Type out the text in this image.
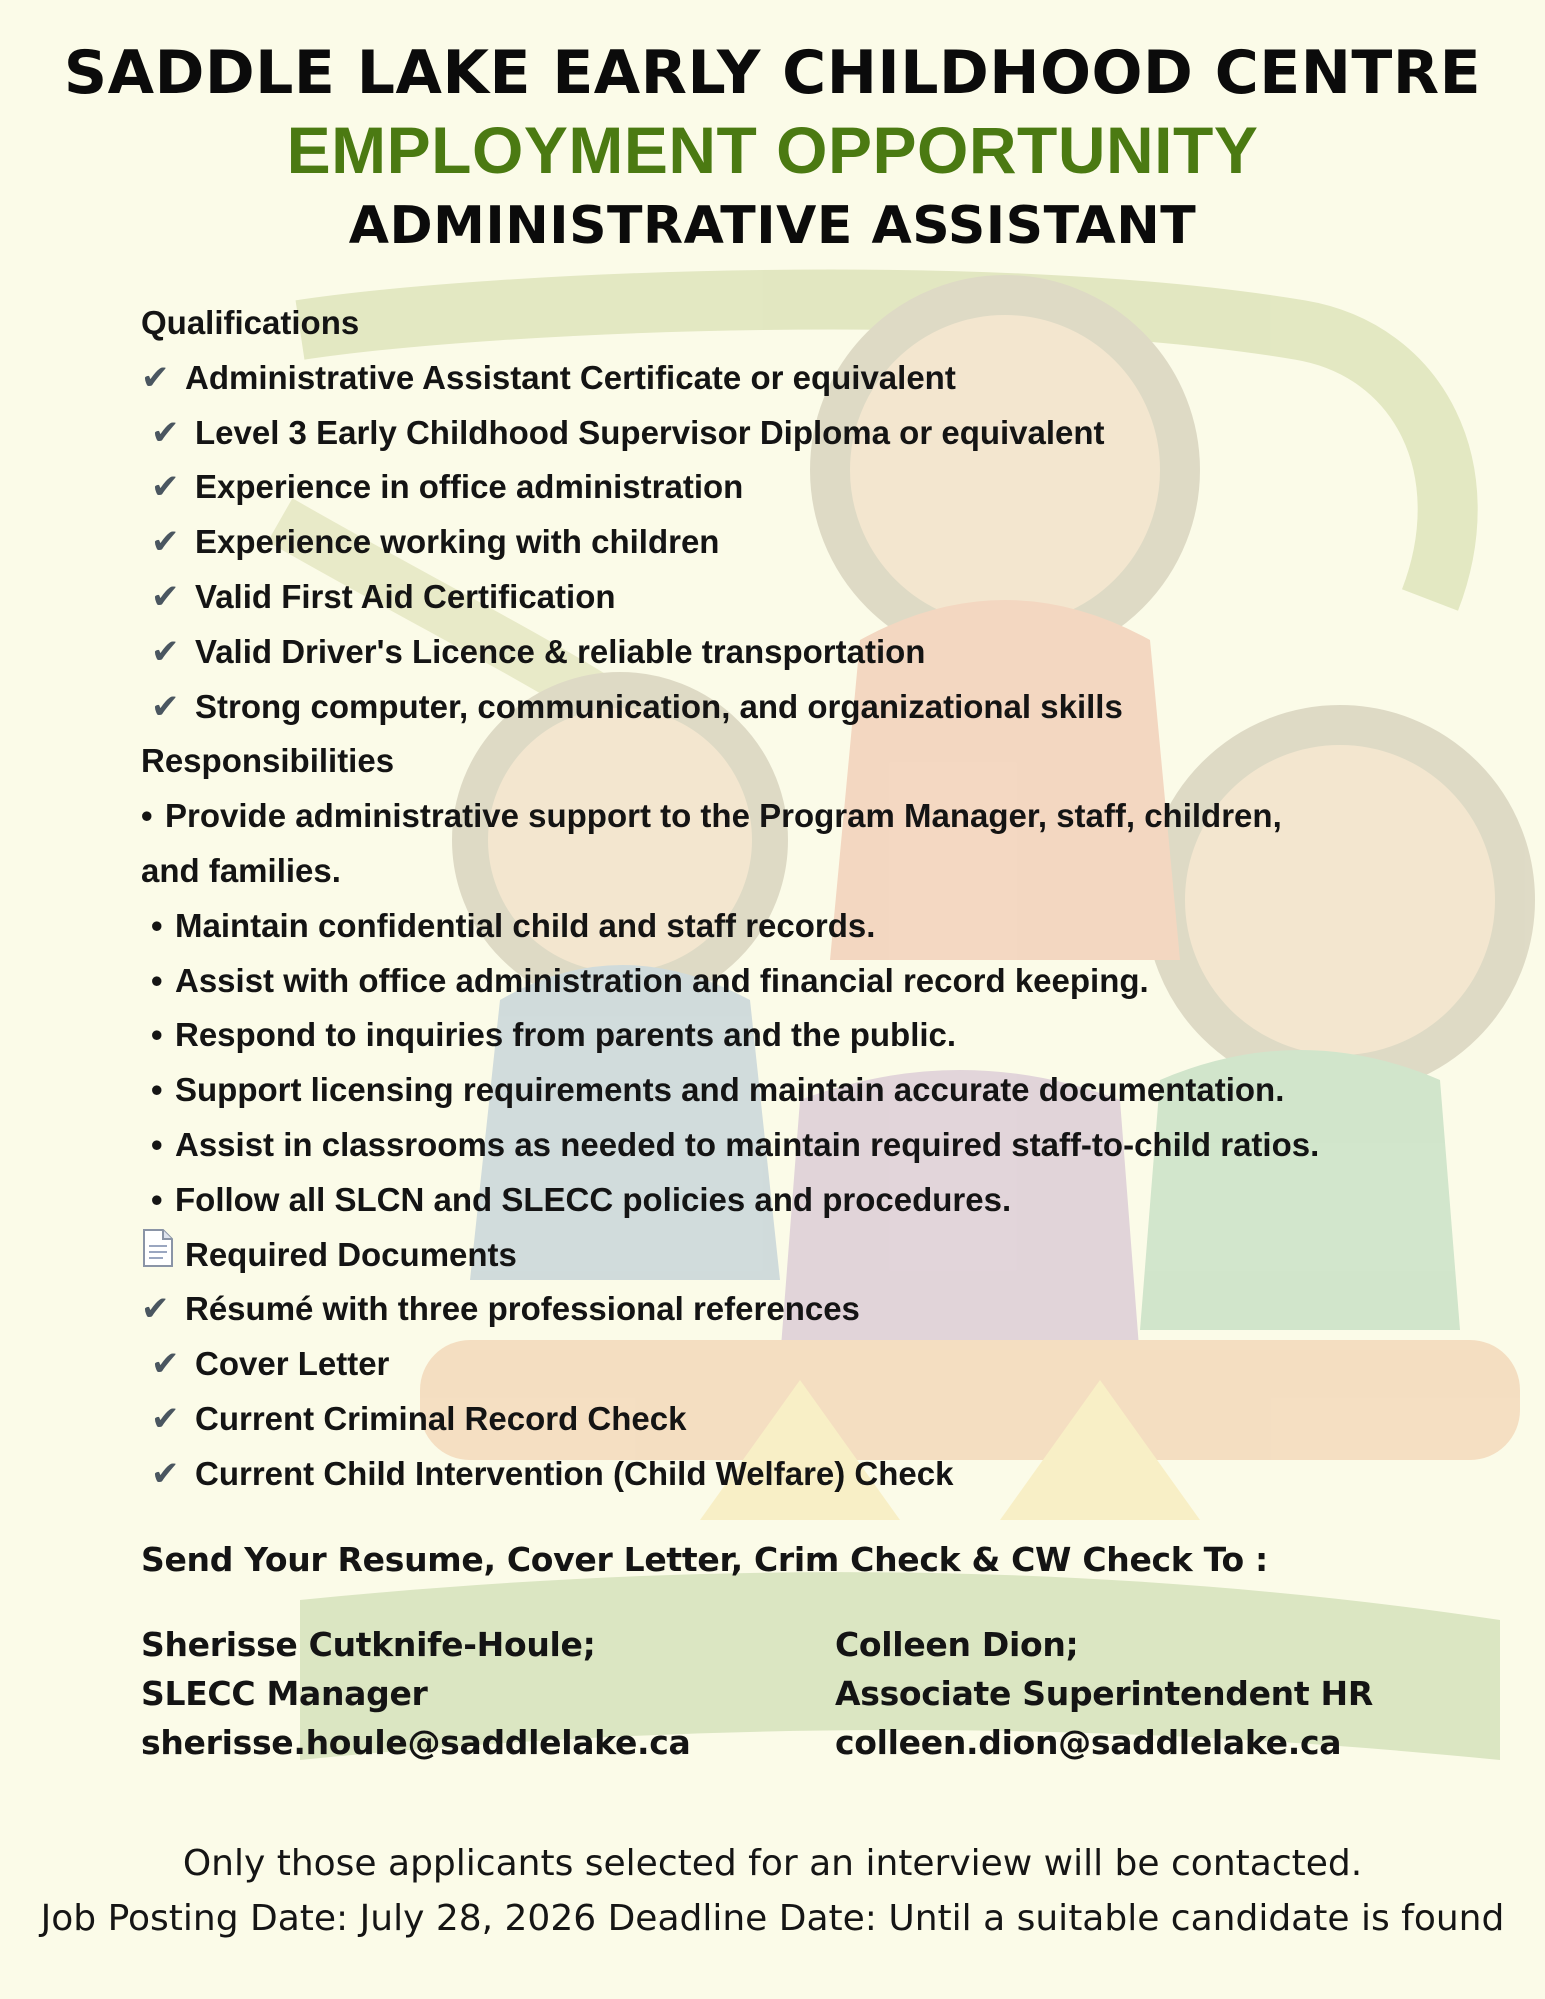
SADDLE LAKE EARLY CHILDHOOD CENTRE
EMPLOYMENT OPPORTUNITY
ADMINISTRATIVE ASSISTANT
Qualifications
✔ Administrative Assistant Certificate or equivalent
✔ Level 3 Early Childhood Supervisor Diploma or equivalent
✔ Experience in office administration
✔ Experience working with children
✔ Valid First Aid Certification
✔ Valid Driver's Licence & reliable transportation
✔ Strong computer, communication, and organizational skills
Responsibilities
• Provide administrative support to the Program Manager, staff, children,
and families.
• Maintain confidential child and staff records.
• Assist with office administration and financial record keeping.
• Respond to inquiries from parents and the public.
• Support licensing requirements and maintain accurate documentation.
• Assist in classrooms as needed to maintain required staff-to-child ratios.
• Follow all SLCN and SLECC policies and procedures.
Required Documents
✔ Résumé with three professional references
✔ Cover Letter
✔ Current Criminal Record Check
✔ Current Child Intervention (Child Welfare) Check
Send Your Resume, Cover Letter, Crim Check & CW Check To :
Sherisse Cutknife-Houle;
SLECC Manager
sherisse.houle@saddlelake.ca
Colleen Dion;
Associate Superintendent HR
colleen.dion@saddlelake.ca
Only those applicants selected for an interview will be contacted.
Job Posting Date: July 28, 2026 Deadline Date: Until a suitable candidate is found
